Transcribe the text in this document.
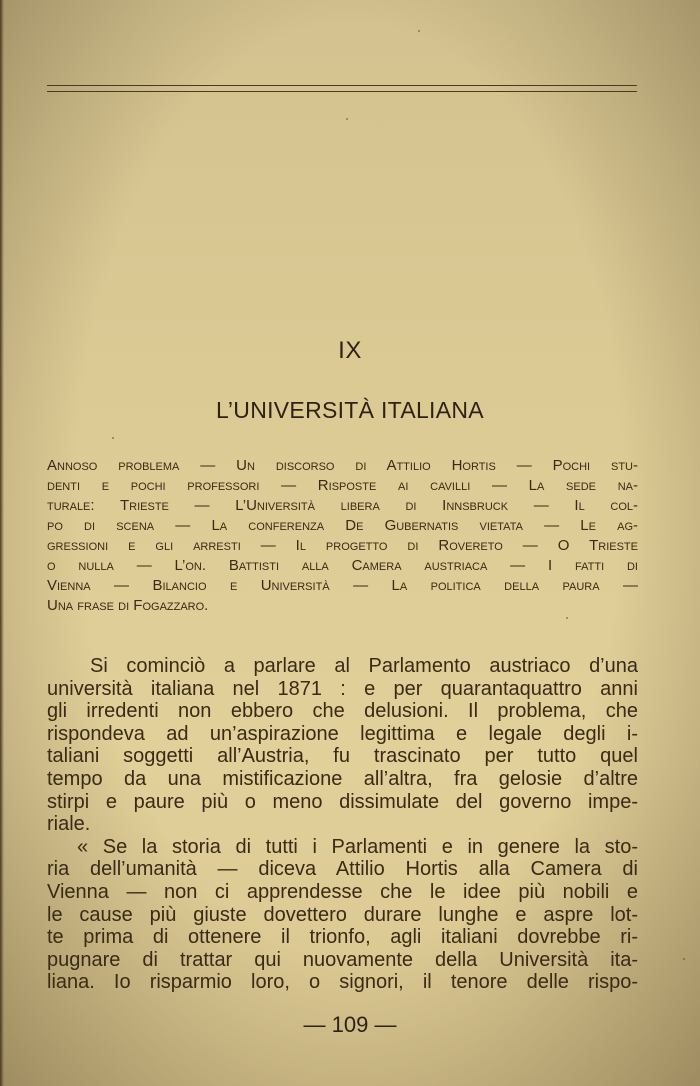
IX
L’UNIVERSITÀ ITALIANA

Annoso problema — Un discorso di Attilio Hortis — Pochi stu-
denti e pochi professori — Risposte ai cavilli — La sede na-
turale: Trieste — L’Università libera di Innsbruck — Il col-
po di scena — La conferenza De Gubernatis vietata — Le ag-
gressioni e gli arresti — Il progetto di Rovereto — O Trieste
o nulla — L’on. Battisti alla Camera austriaca — I fatti di
Vienna — Bilancio e Università — La politica della paura —
Una frase di Fogazzaro.

Si cominciò a parlare al Parlamento austriaco d’una
università italiana nel 1871 : e per quarantaquattro anni
gli irredenti non ebbero che delusioni. Il problema, che
rispondeva ad un’aspirazione legittima e legale degli i-
taliani soggetti all’Austria, fu trascinato per tutto quel
tempo da una mistificazione all’altra, fra gelosie d’altre
stirpi e paure più o meno dissimulate del governo impe-
riale.
« Se la storia di tutti i Parlamenti e in genere la sto-
ria dell’umanità — diceva Attilio Hortis alla Camera di
Vienna — non ci apprendesse che le idee più nobili e
le cause più giuste dovettero durare lunghe e aspre lot-
te prima di ottenere il trionfo, agli italiani dovrebbe ri-
pugnare di trattar qui nuovamente della Università ita-
liana. Io risparmio loro, o signori, il tenore delle rispo-
— 109 —
